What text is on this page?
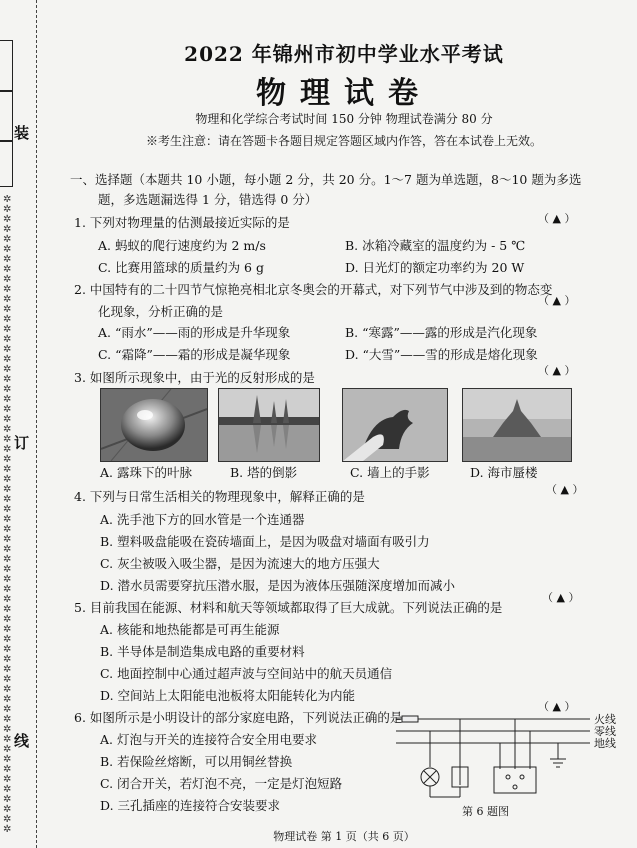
✲✲✲✲✲✲✲✲✲✲✲✲✲✲✲✲✲✲✲✲✲✲✲✲✲✲✲✲✲✲✲✲✲✲✲✲✲✲✲✲✲✲✲✲✲✲✲✲✲✲✲✲✲✲✲✲✲✲✲✲✲✲✲✲
装
订
线
2022 年锦州市初中学业水平考试
物理试卷
物理和化学综合考试时间 150 分钟 物理试卷满分 80 分
※考生注意：请在答题卡各题目规定答题区域内作答，答在本试卷上无效。
一、选择题（本题共 10 小题，每小题 2 分，共 20 分。1～7 题为单选题，8～10 题为多选
题，多选题漏选得 1 分，错选得 0 分）
1. 下列对物理量的估测最接近实际的是	（ ▲ ）
A. 蚂蚁的爬行速度约为 2 m/s	B. 冰箱冷藏室的温度约为 - 5 ℃
C. 比赛用篮球的质量约为 6 g	D. 日光灯的额定功率约为 20 W
2. 中国特有的二十四节气惊艳亮相北京冬奥会的开幕式，对下列节气中涉及到的物态变
（ ▲ ）
化现象，分析正确的是
A. “雨水”——雨的形成是升华现象	B. “寒露”——露的形成是汽化现象
C. “霜降”——霜的形成是凝华现象	D. “大雪”——雪的形成是熔化现象
3. 如图所示现象中，由于光的反射形成的是	（ ▲ ）
A. 露珠下的叶脉	B. 塔的倒影	C. 墙上的手影	D. 海市蜃楼
4. 下列与日常生活相关的物理现象中，解释正确的是	（ ▲ ）
A. 洗手池下方的回水管是一个连通器
B. 塑料吸盘能吸在瓷砖墙面上，是因为吸盘对墙面有吸引力
C. 灰尘被吸入吸尘器，是因为流速大的地方压强大
D. 潜水员需要穿抗压潜水服，是因为液体压强随深度增加而减小
5. 目前我国在能源、材料和航天等领域都取得了巨大成就。下列说法正确的是
（ ▲ ）
A. 核能和地热能都是可再生能源
B. 半导体是制造集成电路的重要材料
C. 地面控制中心通过超声波与空间站中的航天员通信
D. 空间站上太阳能电池板将太阳能转化为内能
6. 如图所示是小明设计的部分家庭电路，下列说法正确的是
（ ▲ ）
A. 灯泡与开关的连接符合安全用电要求
B. 若保险丝熔断，可以用铜丝替换
C. 闭合开关，若灯泡不亮，一定是灯泡短路
D. 三孔插座的连接符合安装要求
火线
零线
地线
第 6 题图
物理试卷 第 1 页（共 6 页）
